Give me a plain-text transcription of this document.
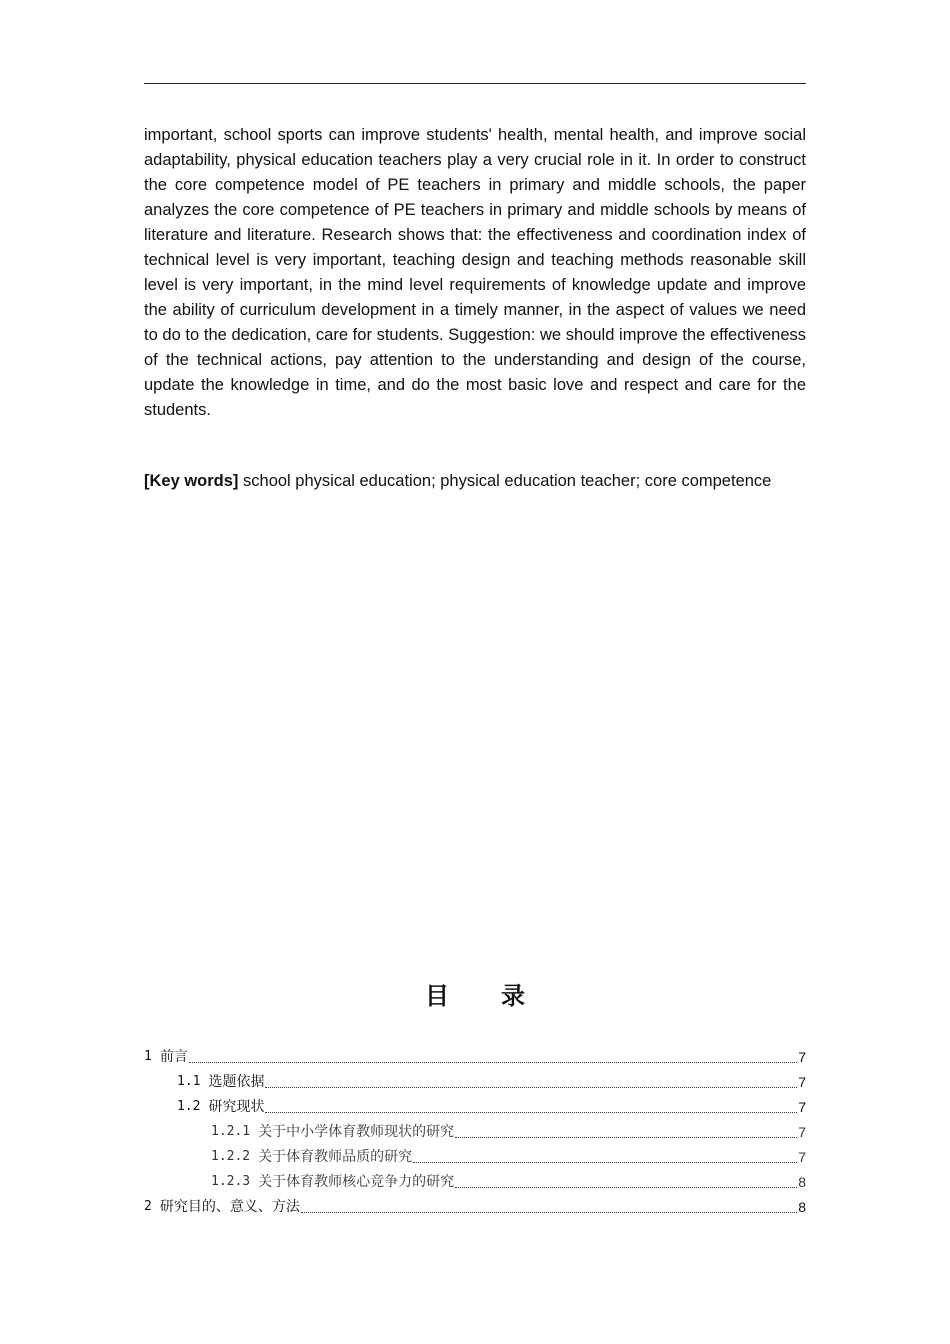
important, school sports can improve students' health, mental health, and improve social adaptability, physical education teachers play a very crucial role in it. In order to construct the core competence model of PE teachers in primary and middle schools, the paper analyzes the core competence of PE teachers in primary and middle schools by means of literature and literature. Research shows that: the effectiveness and coordination index of technical level is very important, teaching design and teaching methods reasonable skill level is very important, in the mind level requirements of knowledge update and improve the ability of curriculum development in a timely manner, in the aspect of values we need to do to the dedication, care for students. Suggestion: we should improve the effectiveness of the technical actions, pay attention to the understanding and design of the course, update the knowledge in time, and do the most basic love and respect and care for the students.

[Key words] school physical education; physical education teacher; core competence
目 录
1 前言	7
1.1 选题依据	7
1.2 研究现状	7
1.2.1 关于中小学体育教师现状的研究	7
1.2.2 关于体育教师品质的研究	7
1.2.3 关于体育教师核心竞争力的研究	8
2 研究目的、意义、方法	8
